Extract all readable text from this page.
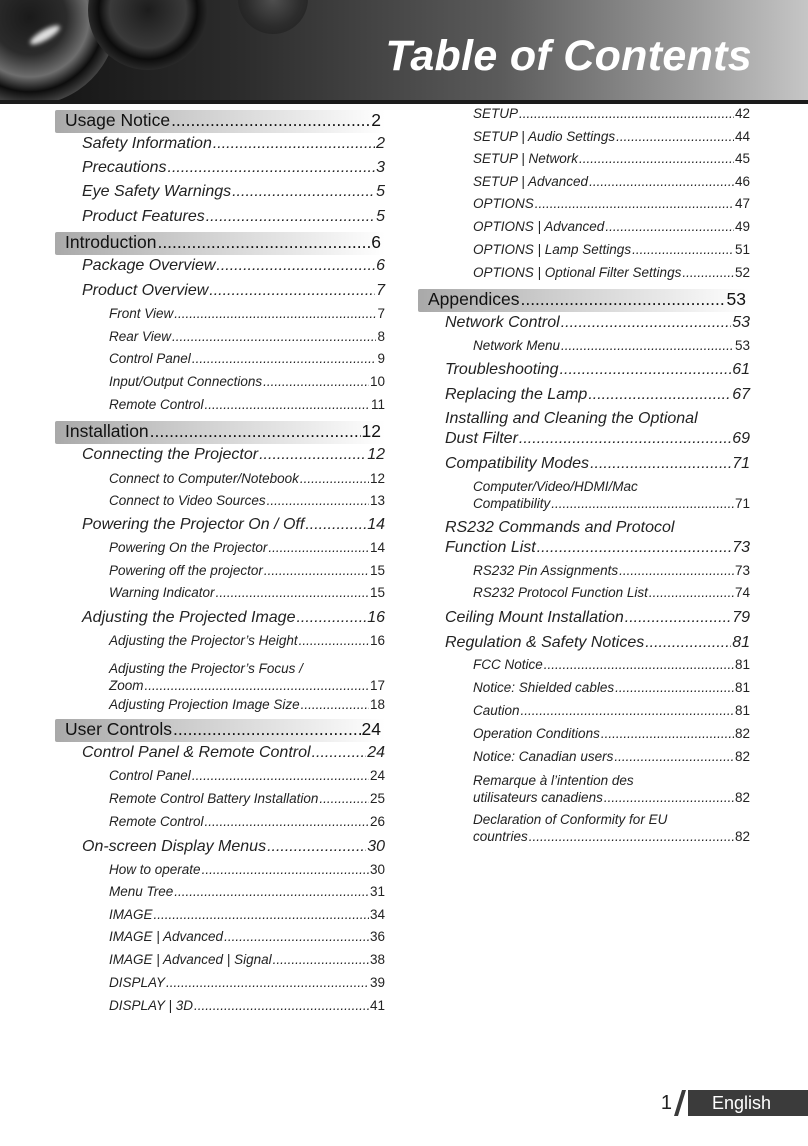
Table of Contents
Usage Notice .....	2
Safety Information .....	2
Precautions .....	3
Eye Safety Warnings .....	5
Product Features .....	5
Introduction .....	6
Package Overview .....	6
Product Overview .....	7
Front View .....	7
Rear View .....	8
Control Panel .....	9
Input/Output Connections .....	10
Remote Control .....	11
Installation .....	12
Connecting the Projector .....	12
Connect to Computer/Notebook .....	12
Connect to Video Sources .....	13
Powering the Projector On / Off .....	14
Powering On the Projector .....	14
Powering off the projector .....	15
Warning Indicator .....	15
Adjusting the Projected Image .....	16
Adjusting the Projector’s Height .....	16
Adjusting the Projector’s Focus /
Zoom .....	17
Adjusting Projection Image Size .....	18
User Controls .....	24
Control Panel & Remote Control .....	24
Control Panel .....	24
Remote Control Battery Installation .....	25
Remote Control .....	26
On-screen Display Menus .....	30
How to operate .....	30
Menu Tree .....	31
IMAGE .....	34
IMAGE | Advanced .....	36
IMAGE | Advanced | Signal .....	38
DISPLAY .....	39
DISPLAY | 3D .....	41
SETUP .....	42
SETUP | Audio Settings .....	44
SETUP | Network .....	45
SETUP | Advanced .....	46
OPTIONS .....	47
OPTIONS | Advanced .....	49
OPTIONS | Lamp Settings .....	51
OPTIONS | Optional Filter Settings .....	52
Appendices .....	53
Network Control .....	53
Network Menu .....	53
Troubleshooting .....	61
Replacing the Lamp .....	67
Installing and Cleaning the Optional
Dust Filter .....	69
Compatibility Modes .....	71
Computer/Video/HDMI/Mac
Compatibility .....	71
RS232 Commands and Protocol
Function List .....	73
RS232 Pin Assignments .....	73
RS232 Protocol Function List .....	74
Ceiling Mount Installation .....	79
Regulation & Safety Notices .....	81
FCC Notice .....	81
Notice: Shielded cables .....	81
Caution .....	81
Operation Conditions .....	82
Notice: Canadian users .....	82
Remarque à l’intention des
utilisateurs canadiens .....	82
Declaration of Conformity for EU
countries .....	82
1	English
